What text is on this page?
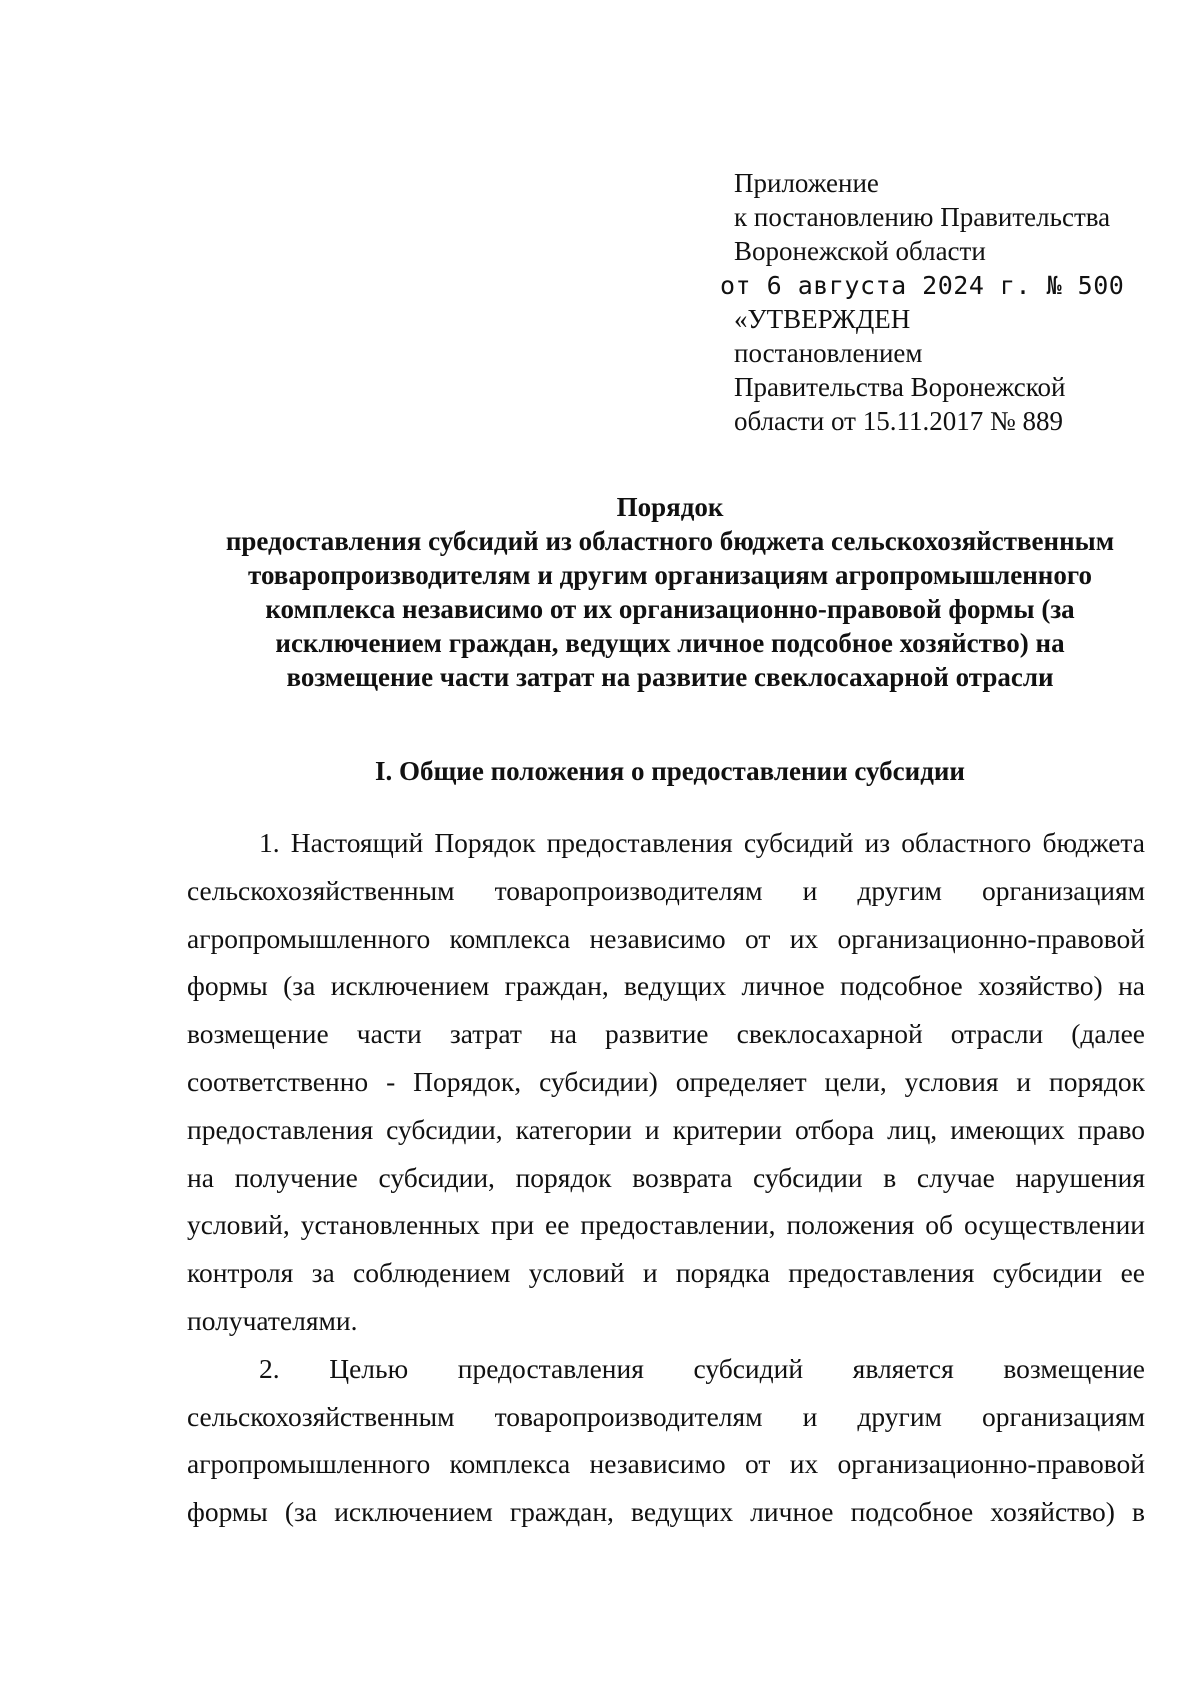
Приложение
к постановлению Правительства
Воронежской области
от 6 августа 2024 г. № 500
«УТВЕРЖДЕН
постановлением
Правительства Воронежской
области от 15.11.2017 № 889
Порядок
предоставления субсидий из областного бюджета сельскохозяйственным
товаропроизводителям и другим организациям агропромышленного
комплекса независимо от их организационно-правовой формы (за
исключением граждан, ведущих личное подсобное хозяйство) на
возмещение части затрат на развитие свеклосахарной отрасли
I. Общие положения о предоставлении субсидии
1. Настоящий Порядок предоставления субсидий из областного бюджета
сельскохозяйственным товаропроизводителям и другим организациям
агропромышленного комплекса независимо от их организационно-правовой
формы (за исключением граждан, ведущих личное подсобное хозяйство) на
возмещение части затрат на развитие свеклосахарной отрасли (далее
соответственно - Порядок, субсидии) определяет цели, условия и порядок
предоставления субсидии, категории и критерии отбора лиц, имеющих право
на получение субсидии, порядок возврата субсидии в случае нарушения
условий, установленных при ее предоставлении, положения об осуществлении
контроля за соблюдением условий и порядка предоставления субсидии ее
получателями.
2. Целью предоставления субсидий является возмещение
сельскохозяйственным товаропроизводителям и другим организациям
агропромышленного комплекса независимо от их организационно-правовой
формы (за исключением граждан, ведущих личное подсобное хозяйство) в
